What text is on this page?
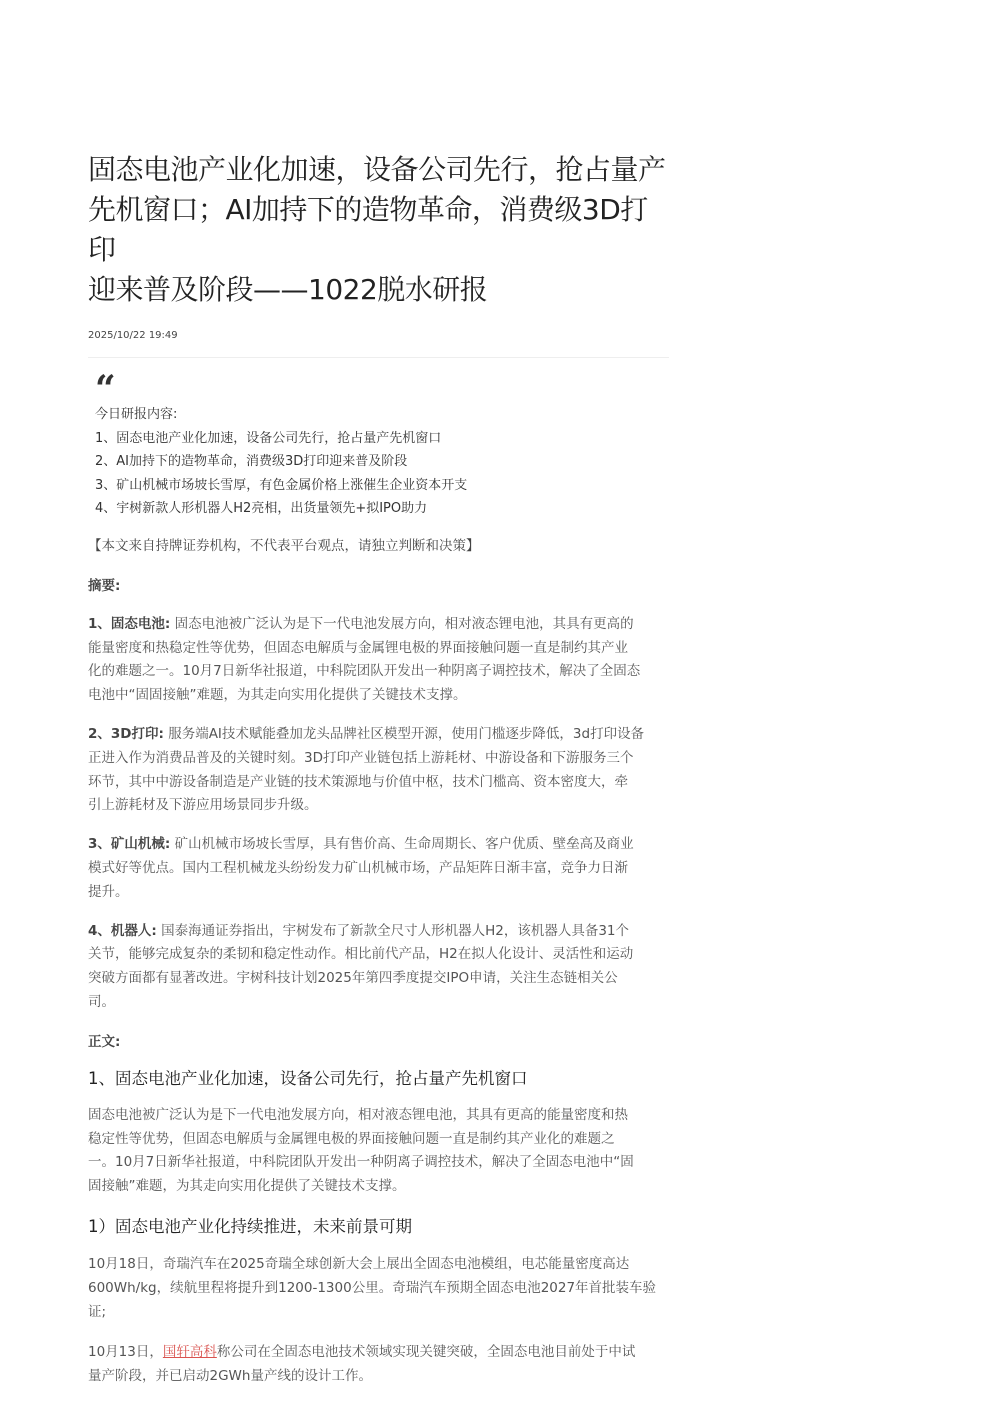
固态电池产业化加速，设备公司先行，抢占量产
先机窗口；AI加持下的造物革命，消费级3D打印
迎来普及阶段——1022脱水研报
2025/10/22 19:49
“
今日研报内容:
1、固态电池产业化加速，设备公司先行，抢占量产先机窗口
2、AI加持下的造物革命，消费级3D打印迎来普及阶段
3、矿山机械市场坡长雪厚，有色金属价格上涨催生企业资本开支
4、宇树新款人形机器人H2亮相，出货量领先+拟IPO助力

【本文来自持牌证券机构，不代表平台观点，请独立判断和决策】

摘要:
1、固态电池: 固态电池被广泛认为是下一代电池发展方向，相对液态锂电池，其具有更高的
能量密度和热稳定性等优势，但固态电解质与金属锂电极的界面接触问题一直是制约其产业
化的难题之一。10月7日新华社报道，中科院团队开发出一种阴离子调控技术，解决了全固态
电池中“固固接触”难题，为其走向实用化提供了关键技术支撑。
2、3D打印: 服务端AI技术赋能叠加龙头品牌社区模型开源，使用门槛逐步降低，3d打印设备
正进入作为消费品普及的关键时刻。3D打印产业链包括上游耗材、中游设备和下游服务三个
环节，其中中游设备制造是产业链的技术策源地与价值中枢，技术门槛高、资本密度大，牵
引上游耗材及下游应用场景同步升级。
3、矿山机械: 矿山机械市场坡长雪厚，具有售价高、生命周期长、客户优质、壁垒高及商业
模式好等优点。国内工程机械龙头纷纷发力矿山机械市场，产品矩阵日渐丰富，竞争力日渐
提升。
4、机器人: 国泰海通证券指出，宇树发布了新款全尺寸人形机器人H2，该机器人具备31个
关节，能够完成复杂的柔韧和稳定性动作。相比前代产品，H2在拟人化设计、灵活性和运动
突破方面都有显著改进。宇树科技计划2025年第四季度提交IPO申请，关注生态链相关公
司。
正文:
1、固态电池产业化加速，设备公司先行，抢占量产先机窗口
固态电池被广泛认为是下一代电池发展方向，相对液态锂电池，其具有更高的能量密度和热
稳定性等优势，但固态电解质与金属锂电极的界面接触问题一直是制约其产业化的难题之
一。10月7日新华社报道，中科院团队开发出一种阴离子调控技术，解决了全固态电池中“固
固接触”难题，为其走向实用化提供了关键技术支撑。
1）固态电池产业化持续推进，未来前景可期
10月18日，奇瑞汽车在2025奇瑞全球创新大会上展出全固态电池模组，电芯能量密度高达
600Wh/kg，续航里程将提升到1200-1300公里。奇瑞汽车预期全固态电池2027年首批装车验
证;
10月13日，国轩高科称公司在全固态电池技术领域实现关键突破，全固态电池目前处于中试
量产阶段，并已启动2GWh量产线的设计工作。
